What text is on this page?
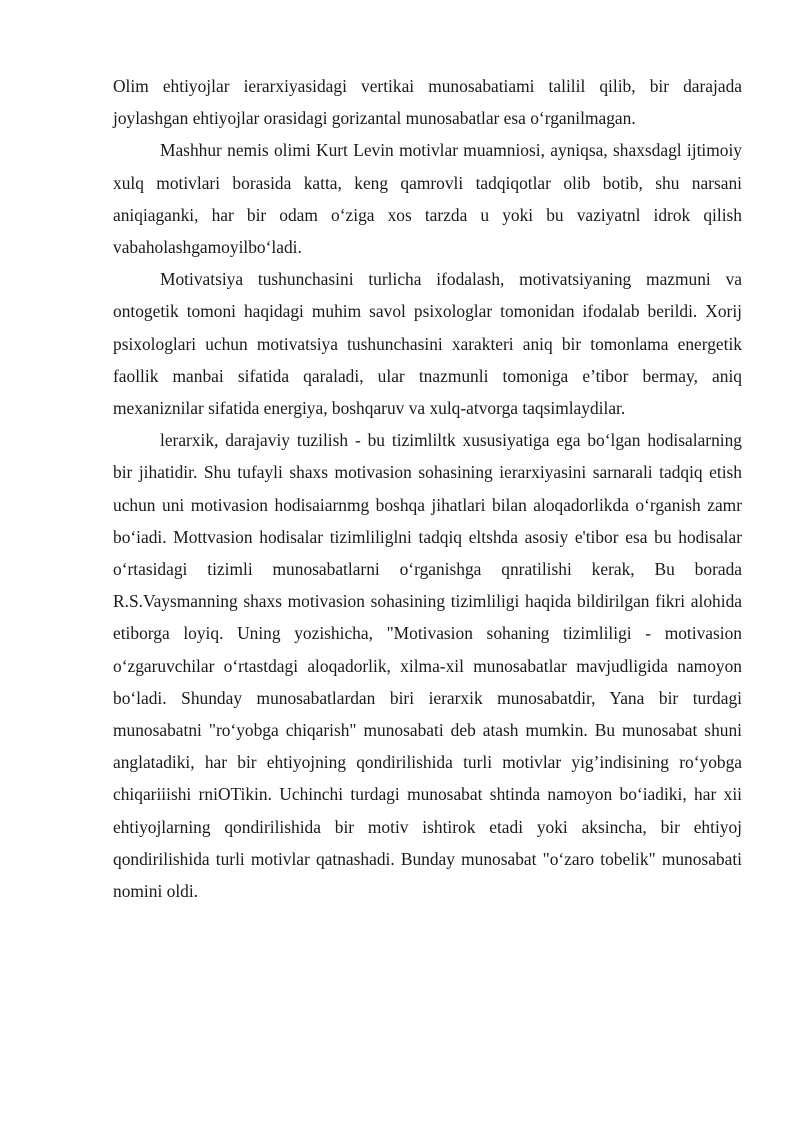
Olim ehtiyojlar ierarxiyasidagi vertikai munosabatiami talilil qilib, bir darajada joylashgan ehtiyojlar orasidagi gorizantal munosabatlar esa o‘rganilmagan.

Mashhur nemis olimi Kurt Levin motivlar muamniosi, ayniqsa, shaxsdagl ijtimoiy xulq motivlari borasida katta, keng qamrovli tadqiqotlar olib botib, shu narsani aniqiaganki, har bir odam o‘ziga xos tarzda u yoki bu vaziyatnl idrok qilish vabaholashgamoyilbo‘ladi.

Motivatsiya tushunchasini turlicha ifodalash, motivatsiyaning mazmuni va ontogetik tomoni haqidagi muhim savol psixologlar tomonidan ifodalab berildi. Xorij psixologlari uchun motivatsiya tushunchasini xarakteri aniq bir tomonlama energetik faollik manbai sifatida qaraladi, ular tnazmunli tomoniga e’tibor bermay, aniq mexaniznilar sifatida energiya, boshqaruv va xulq-atvorga taqsimlaydilar.

lerarxik, darajaviy tuzilish - bu tizimliltk xususiyatiga ega bo‘lgan hodisalarning bir jihatidir. Shu tufayli shaxs motivasion sohasining ierarxiyasini sarnarali tadqiq etish uchun uni motivasion hodisaiarnmg boshqa jihatlari bilan aloqadorlikda o‘rganish zamr bo‘iadi. Mottvasion hodisalar tizimliliglni tadqiq eltshda asosiy e'tibor esa bu hodisalar o‘rtasidagi tizimli munosabatlarni o‘rganishga qnratilishi kerak, Bu borada R.S.Vaysmanning shaxs motivasion sohasining tizimliligi haqida bildirilgan fikri alohida etiborga loyiq. Uning yozishicha, "Motivasion sohaning tizimliligi - motivasion o‘zgaruvchilar o‘rtastdagi aloqadorlik, xilma-xil munosabatlar mavjudligida namoyon bo‘ladi. Shunday munosabatlardan biri ierarxik munosabatdir, Yana bir turdagi munosabatni "ro‘yobga chiqarish" munosabati deb atash mumkin. Bu munosabat shuni anglatadiki, har bir ehtiyojning qondirilishida turli motivlar yig’indisining ro‘yobga chiqariiishi rniOTikin. Uchinchi turdagi munosabat shtinda namoyon bo‘iadiki, har xii ehtiyojlarning qondirilishida bir motiv ishtirok etadi yoki aksincha, bir ehtiyoj qondirilishida turli motivlar qatnashadi. Bunday munosabat "o‘zaro tobelik" munosabati nomini oldi.
